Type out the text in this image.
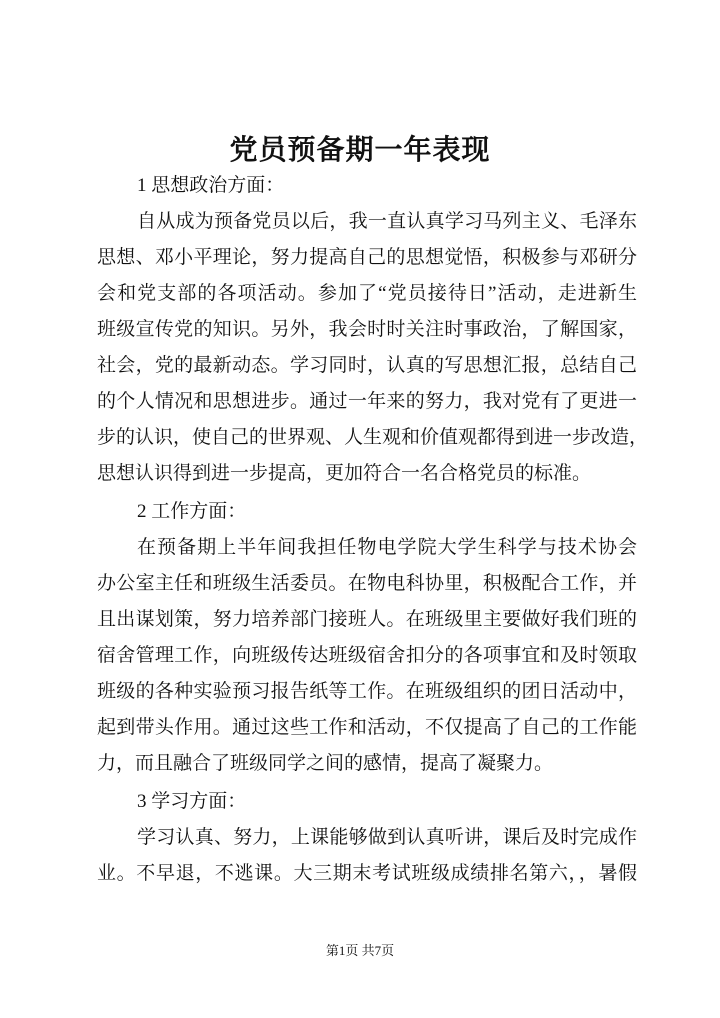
党员预备期一年表现
1 思想政治方面：
自从成为预备党员以后，我一直认真学习马列主义、毛泽东
思想、邓小平理论，努力提高自己的思想觉悟，积极参与邓研分
会和党支部的各项活动。参加了“党员接待日”活动，走进新生
班级宣传党的知识。另外，我会时时关注时事政治，了解国家，
社会，党的最新动态。学习同时，认真的写思想汇报，总结自己
的个人情况和思想进步。通过一年来的努力，我对党有了更进一
步的认识，使自己的世界观、人生观和价值观都得到进一步改造，
思想认识得到进一步提高，更加符合一名合格党员的标准。
2 工作方面：
在预备期上半年间我担任物电学院大学生科学与技术协会
办公室主任和班级生活委员。在物电科协里，积极配合工作，并
且出谋划策，努力培养部门接班人。在班级里主要做好我们班的
宿舍管理工作，向班级传达班级宿舍扣分的各项事宜和及时领取
班级的各种实验预习报告纸等工作。在班级组织的团日活动中，
起到带头作用。通过这些工作和活动，不仅提高了自己的工作能
力，而且融合了班级同学之间的感情，提高了凝聚力。
3 学习方面：
学习认真、努力，上课能够做到认真听讲，课后及时完成作
业。不早退，不逃课。大三期末考试班级成绩排名第六，，暑假
第1页 共7页
